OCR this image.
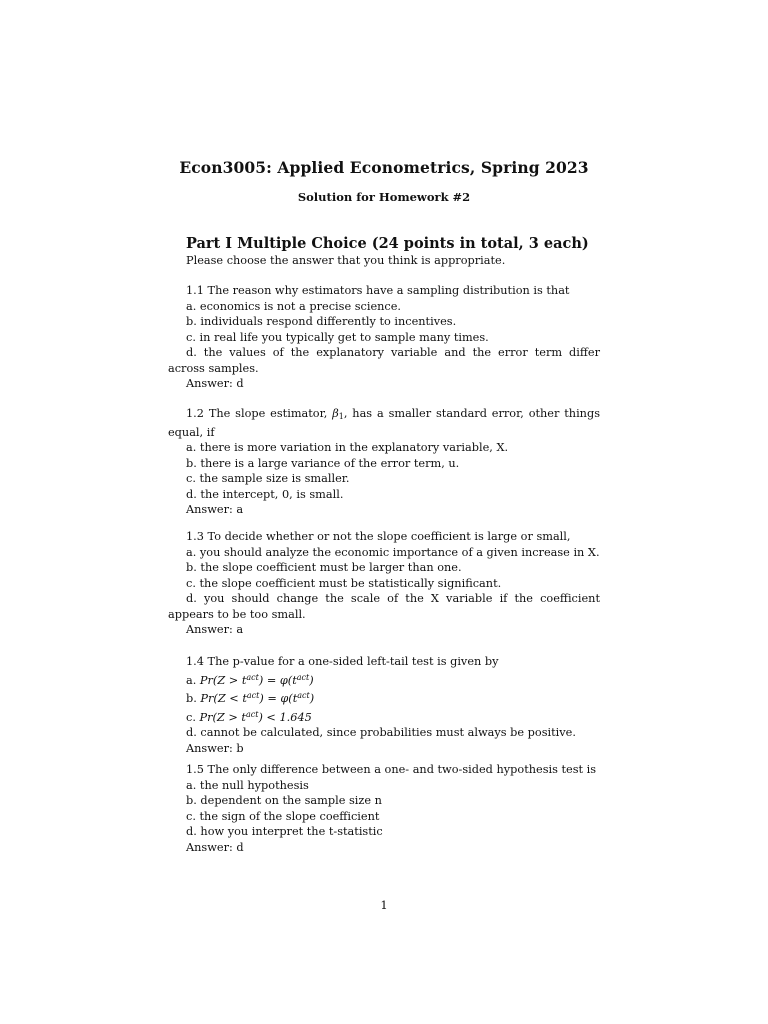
Econ3005: Applied Econometrics, Spring 2023
Solution for Homework #2
Part I Multiple Choice (24 points in total, 3 each)
Please choose the answer that you think is appropriate.
1.1 The reason why estimators have a sampling distribution is that
a. economics is not a precise science.
b. individuals respond differently to incentives.
c. in real life you typically get to sample many times.
d. the values of the explanatory variable and the error term differ across samples.
Answer: d
1.2 The slope estimator, $\beta_1$, has a smaller standard error, other things equal, if
a. there is more variation in the explanatory variable, X.
b. there is a large variance of the error term, u.
c. the sample size is smaller.
d. the intercept, 0, is small.
Answer: a
1.3 To decide whether or not the slope coefficient is large or small,
a. you should analyze the economic importance of a given increase in X.
b. the slope coefficient must be larger than one.
c. the slope coefficient must be statistically significant.
d. you should change the scale of the X variable if the coefficient appears to be too small.
Answer: a
1.4 The p-value for a one-sided left-tail test is given by
a. $Pr(Z > t^{act}) = \varphi(t^{act})$
b. $Pr(Z < t^{act}) = \varphi(t^{act})$
c. $Pr(Z > t^{act}) < 1.645$
d. cannot be calculated, since probabilities must always be positive.
Answer: b
1.5 The only difference between a one- and two-sided hypothesis test is
a. the null hypothesis
b. dependent on the sample size n
c. the sign of the slope coefficient
d. how you interpret the t-statistic
Answer: d
1
